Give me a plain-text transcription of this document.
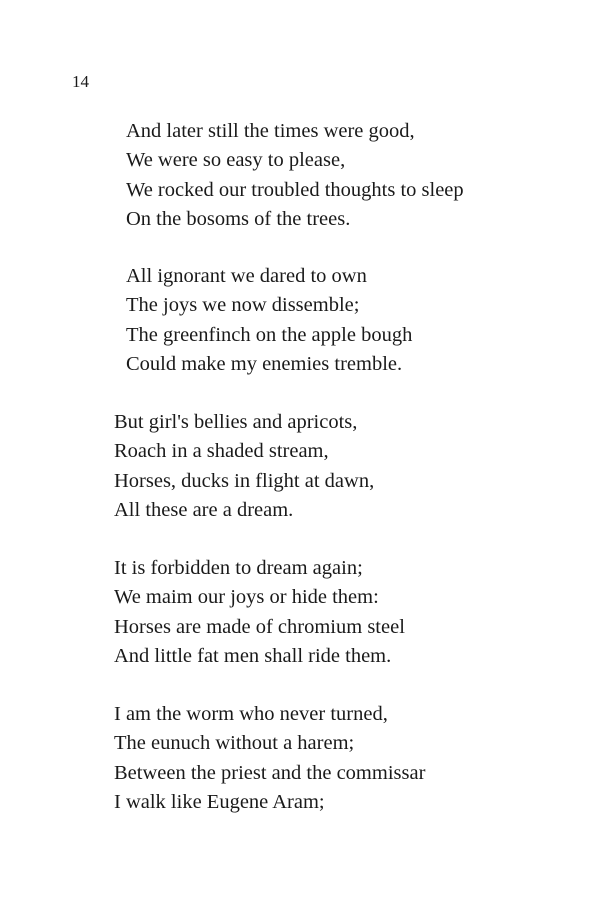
14
And later still the times were good,
We were so easy to please,
We rocked our troubled thoughts to sleep
On the bosoms of the trees.
All ignorant we dared to own
The joys we now dissemble;
The greenfinch on the apple bough
Could make my enemies tremble.
But girl's bellies and apricots,
Roach in a shaded stream,
Horses, ducks in flight at dawn,
All these are a dream.
It is forbidden to dream again;
We maim our joys or hide them:
Horses are made of chromium steel
And little fat men shall ride them.
I am the worm who never turned,
The eunuch without a harem;
Between the priest and the commissar
I walk like Eugene Aram;
